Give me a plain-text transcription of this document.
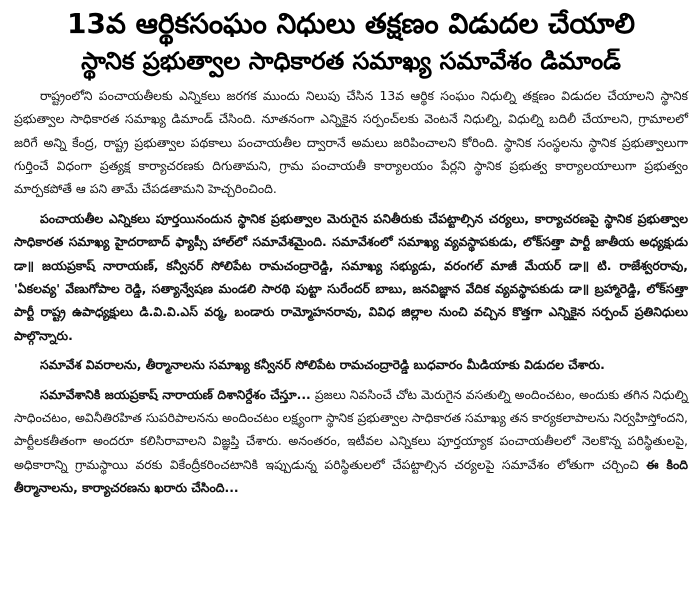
13వ ఆర్థికసంఘం నిధులు తక్షణం విడుదల చేయాలి
స్థానిక ప్రభుత్వాల సాధికారత సమాఖ్య సమావేశం డిమాండ్

రాష్ట్రంలోని పంచాయతీలకు ఎన్నికలు జరగక ముందు నిలుపు చేసిన 13వ ఆర్థిక సంఘం నిధుల్ని తక్షణం విడుదల చేయాలని స్థానిక ప్రభుత్వాల సాధికారత సమాఖ్య డిమాండ్ చేసింది. నూతనంగా ఎన్నికైన సర్పంచ్‌లకు వెంటనే నిధుల్ని, విధుల్ని బదిలీ చేయాలని, గ్రామాలలో జరిగే అన్ని కేంద్ర, రాష్ట్ర ప్రభుత్వాల పథకాలు పంచాయతీల ద్వారానే అమలు జరిపించాలని కోరింది. స్థానిక సంస్థలను స్థానిక ప్రభుత్వాలుగా గుర్తించే విధంగా ప్రత్యక్ష కార్యాచరణకు దిగుతామని, గ్రామ పంచాయతీ కార్యాలయం పేర్లని స్థానిక ప్రభుత్వ కార్యాలయాలుగా ప్రభుత్వం మార్పకపోతే ఆ పని తామే చేపడతామని హెచ్చరించింది.

పంచాయతీల ఎన్నికలు పూర్తయినందున స్థానిక ప్రభుత్వాల మెరుగైన పనితీరుకు చేపట్టాల్సిన చర్యలు, కార్యాచరణపై స్థానిక ప్రభుత్వాల సాధికారత సమాఖ్య హైదరాబాద్ ఫ్యాప్సీ హాల్‌లో సమావేశమైంది. సమావేశంలో సమాఖ్య వ్యవస్థాపకుడు, లోక్‌సత్తా పార్టీ జాతీయ అధ్యక్షుడు డా॥ జయప్రకాష్ నారాయణ్, కన్వీనర్ సోలిపేట రామచంద్రారెడ్డి, సమాఖ్య సభ్యుడు, వరంగల్ మాజీ మేయర్ డా॥ టి. రాజేశ్వరరావు, 'ఏకలవ్య' వేణుగోపాల రెడ్డి, సత్యాన్వేషణ మండలి సారథి పుట్టా సురేందర్ బాబు, జనవిజ్ఞాన వేదిక వ్యవస్థాపకుడు డా॥ బ్రహ్మారెడ్డి, లోక్‌సత్తా పార్టీ రాష్ట్ర ఉపాధ్యక్షులు డి.వి.వి.ఎస్ వర్మ, బండారు రామ్మోహనరావు, వివిధ జిల్లాల నుంచి వచ్చిన కొత్తగా ఎన్నికైన సర్పంచ్ ప్రతినిధులు పాల్గొన్నారు.

సమావేశ వివరాలను, తీర్మానాలను సమాఖ్య కన్వీనర్ సోలిపేట రామచంద్రారెడ్డి బుధవారం మీడియాకు విడుదల చేశారు.

సమావేశానికి జయప్రకాష్ నారాయణ్ దిశానిర్దేశం చేస్తూ... ప్రజలు నివసించే చోట మెరుగైన వసతుల్ని అందించటం, అందుకు తగిన నిధుల్ని సాధించటం, అవినీతిరహిత సుపరిపాలనను అందించటం లక్ష్యంగా స్థానిక ప్రభుత్వాల సాధికారత సమాఖ్య తన కార్యకలాపాలను నిర్వహిస్తోందని, పార్టీలకతీతంగా అందరూ కలిసిరావాలని విజ్ఞప్తి చేశారు. అనంతరం, ఇటీవల ఎన్నికలు పూర్తయ్యాక పంచాయతీలలో నెలకొన్న పరిస్థితులపై, అధికారాన్ని గ్రామస్థాయి వరకు వికేంద్రీకరించటానికి ఇప్పుడున్న పరిస్థితులలో చేపట్టాల్సిన చర్యలపై సమావేశం లోతుగా చర్చించి ఈ కింది తీర్మానాలను, కార్యాచరణను ఖరారు చేసింది...
